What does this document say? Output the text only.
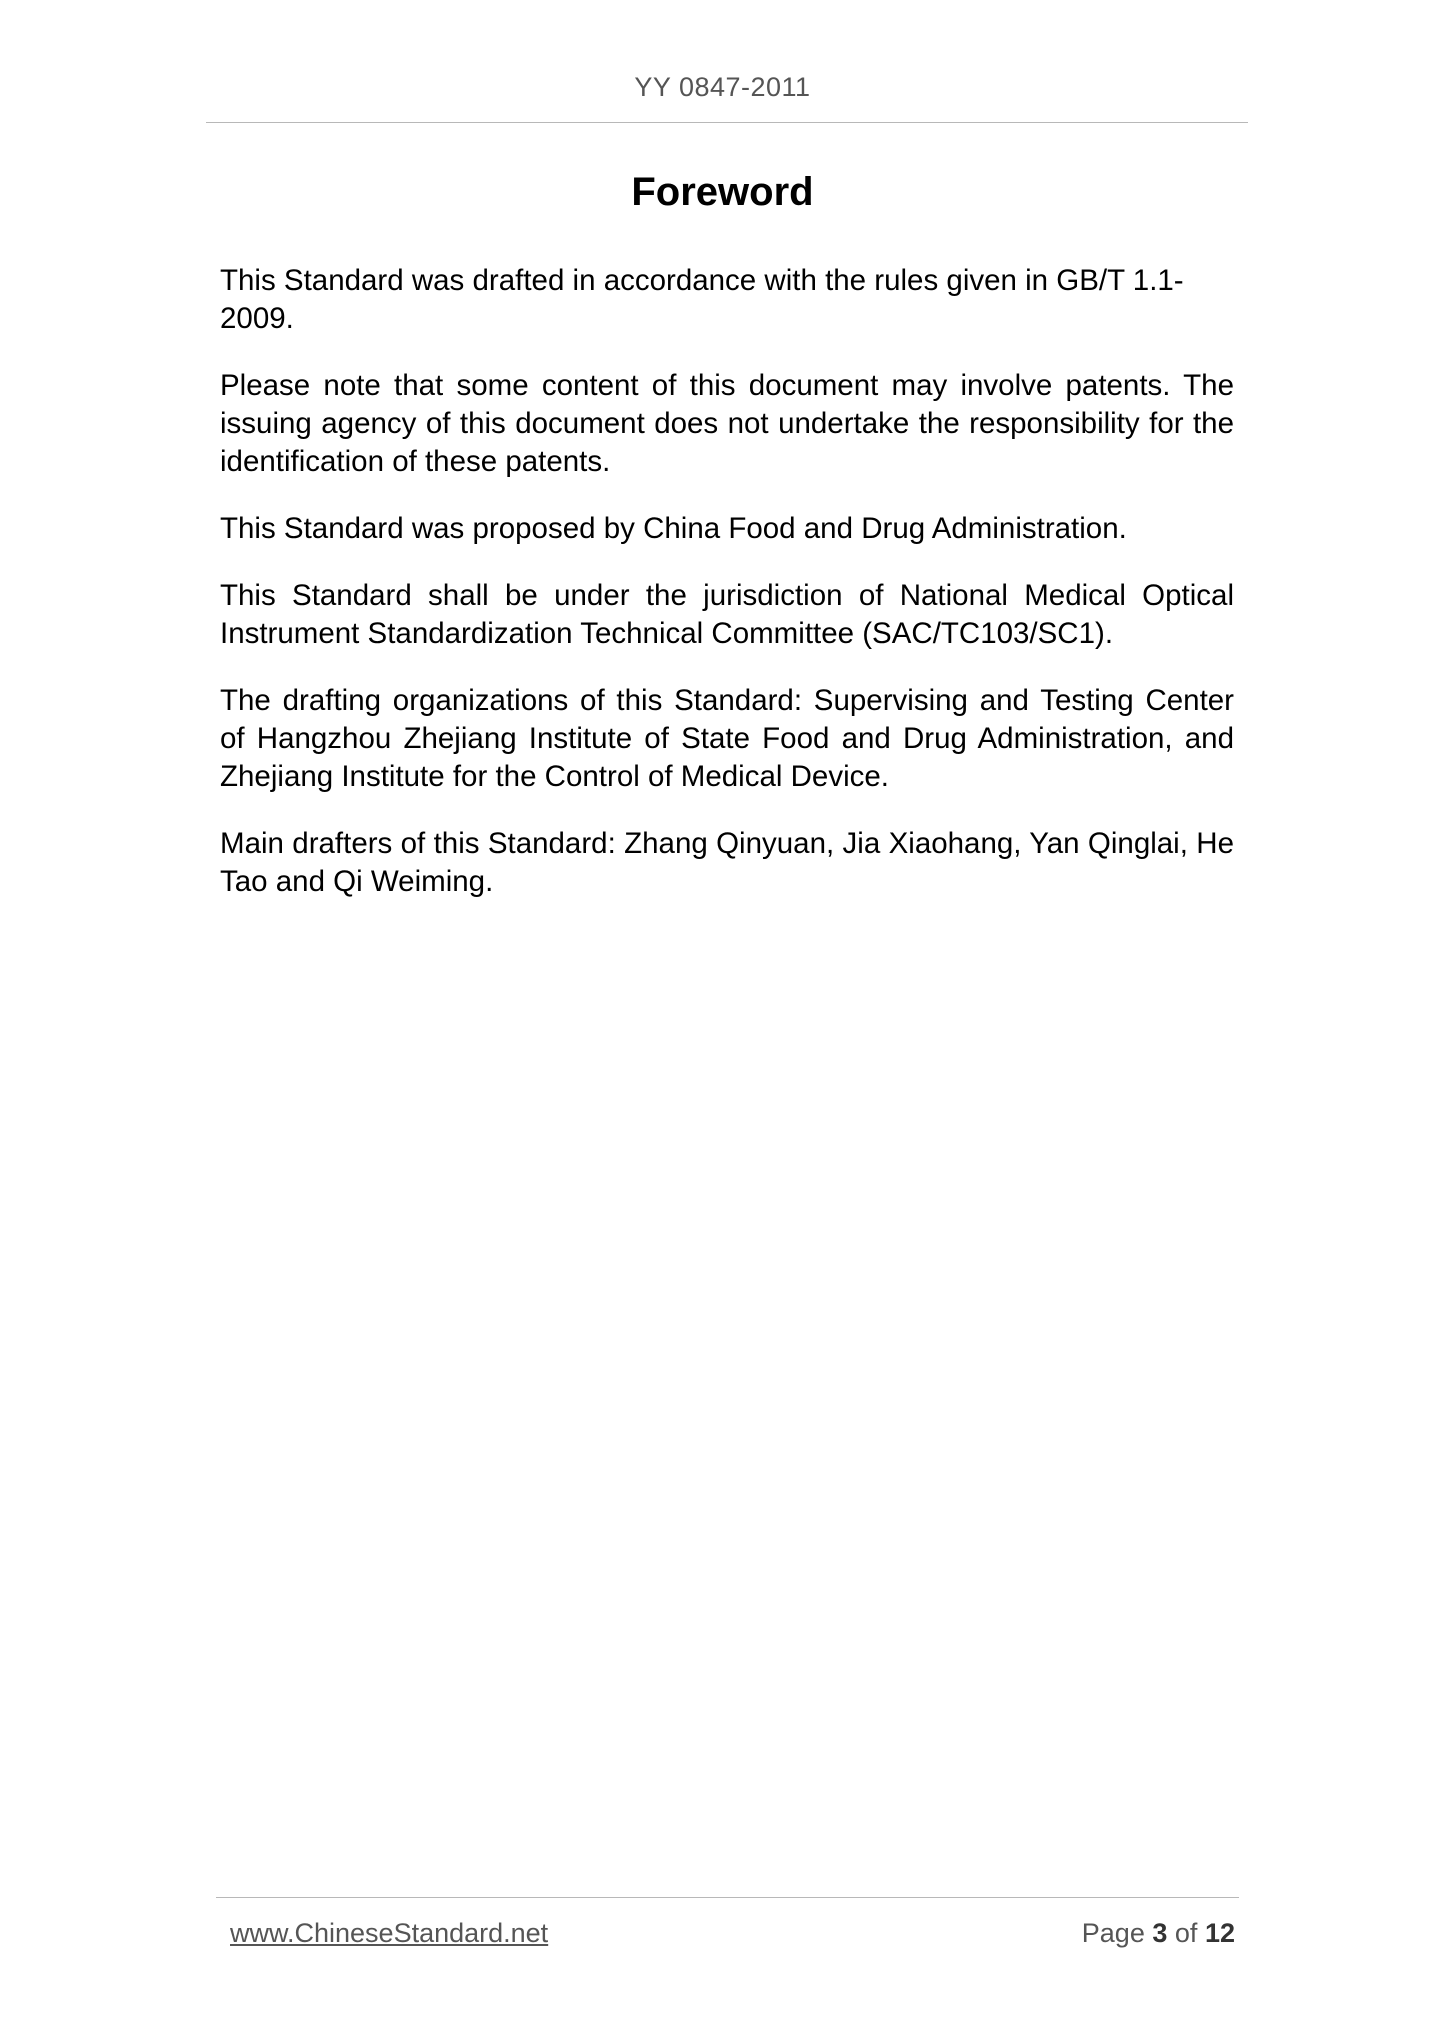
YY 0847-2011
Foreword

This Standard was drafted in accordance with the rules given in GB/T 1.1-2009.

Please note that some content of this document may involve patents. The issuing agency of this document does not undertake the responsibility for the identification of these patents.

This Standard was proposed by China Food and Drug Administration.

This Standard shall be under the jurisdiction of National Medical Optical Instrument Standardization Technical Committee (SAC/TC103/SC1).

The drafting organizations of this Standard: Supervising and Testing Center of Hangzhou Zhejiang Institute of State Food and Drug Administration, and Zhejiang Institute for the Control of Medical Device.

Main drafters of this Standard: Zhang Qinyuan, Jia Xiaohang, Yan Qinglai, He Tao and Qi Weiming.

www.ChineseStandard.net	Page 3 of 12
